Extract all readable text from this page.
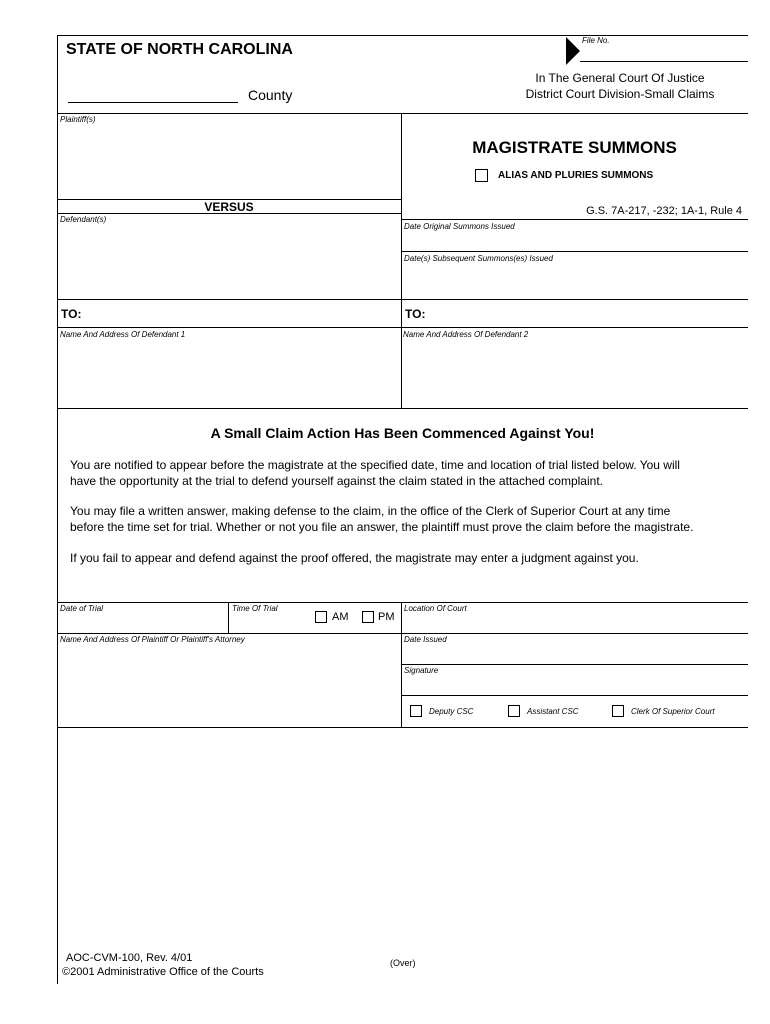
STATE OF NORTH CAROLINA
County
File No.
In The General Court Of Justice
District Court Division-Small Claims
Plaintiff(s)
VERSUS
Defendant(s)
MAGISTRATE SUMMONS
ALIAS AND PLURIES SUMMONS
G.S. 7A-217, -232; 1A-1, Rule 4
Date Original Summons Issued
Date(s) Subsequent Summons(es) Issued
TO:	TO:
Name And Address Of Defendant 1	Name And Address Of Defendant 2
A Small Claim Action Has Been Commenced Against You!
You are notified to appear before the magistrate at the specified date, time and location of trial listed below. You will
have the opportunity at the trial to defend yourself against the claim stated in the attached complaint.
You may file a written answer, making defense to the claim, in the office of the Clerk of Superior Court at any time
before the time set for trial. Whether or not you file an answer, the plaintiff must prove the claim before the magistrate.
If you fail to appear and defend against the proof offered, the magistrate may enter a judgment against you.
Date of Trial	Time Of Trial
AM	PM
Location Of Court
Name And Address Of Plaintiff Or Plaintiff's Attorney	Date Issued
Signature
Deputy CSC	Assistant CSC	Clerk Of Superior Court
AOC-CVM-100, Rev. 4/01
©2001 Administrative Office of the Courts
(Over)
